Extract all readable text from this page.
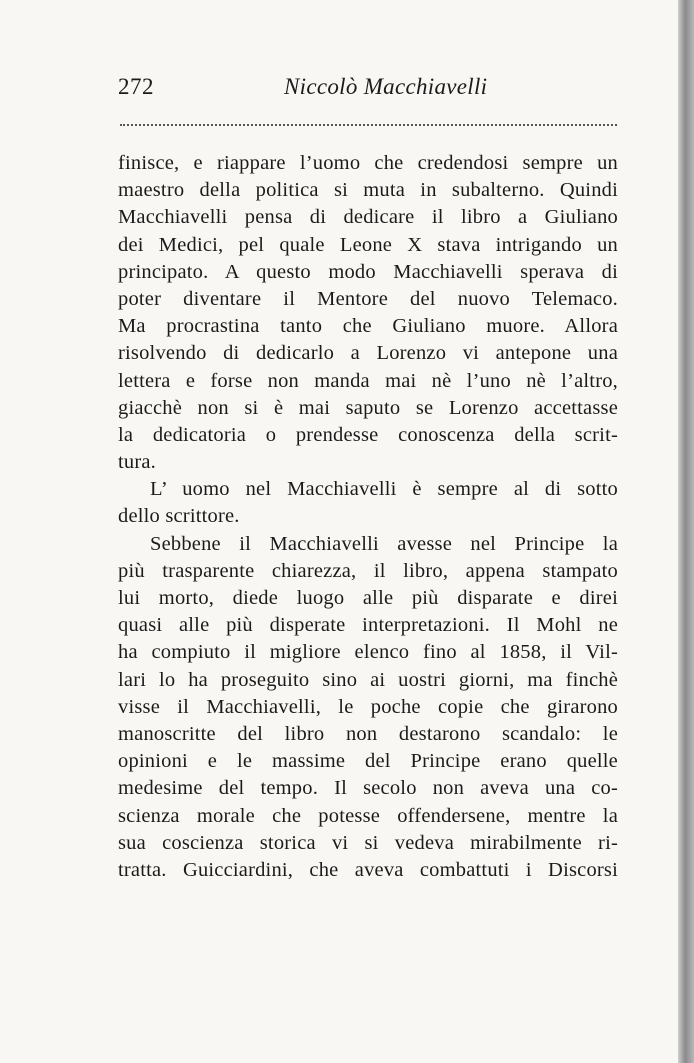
272	Niccolò Macchiavelli
finisce, e riappare l’uomo che credendosi sempre un
maestro della politica si muta in subalterno. Quindi
Macchiavelli pensa di dedicare il libro a Giuliano
dei Medici, pel quale Leone X stava intrigando un
principato. A questo modo Macchiavelli sperava di
poter diventare il Mentore del nuovo Telemaco.
Ma procrastina tanto che Giuliano muore. Allora
risolvendo di dedicarlo a Lorenzo vi antepone una
lettera e forse non manda mai nè l’uno nè l’altro,
giacchè non si è mai saputo se Lorenzo accettasse
la dedicatoria o prendesse conoscenza della scrit-
tura.
L’ uomo nel Macchiavelli è sempre al di sotto
dello scrittore.
Sebbene il Macchiavelli avesse nel Principe la
più trasparente chiarezza, il libro, appena stampato
lui morto, diede luogo alle più disparate e direi
quasi alle più disperate interpretazioni. Il Mohl ne
ha compiuto il migliore elenco fino al 1858, il Vil-
lari lo ha proseguito sino ai uostri giorni, ma finchè
visse il Macchiavelli, le poche copie che girarono
manoscritte del libro non destarono scandalo: le
opinioni e le massime del Principe erano quelle
medesime del tempo. Il secolo non aveva una co-
scienza morale che potesse offendersene, mentre la
sua coscienza storica vi si vedeva mirabilmente ri-
tratta. Guicciardini, che aveva combattuti i Discorsi
